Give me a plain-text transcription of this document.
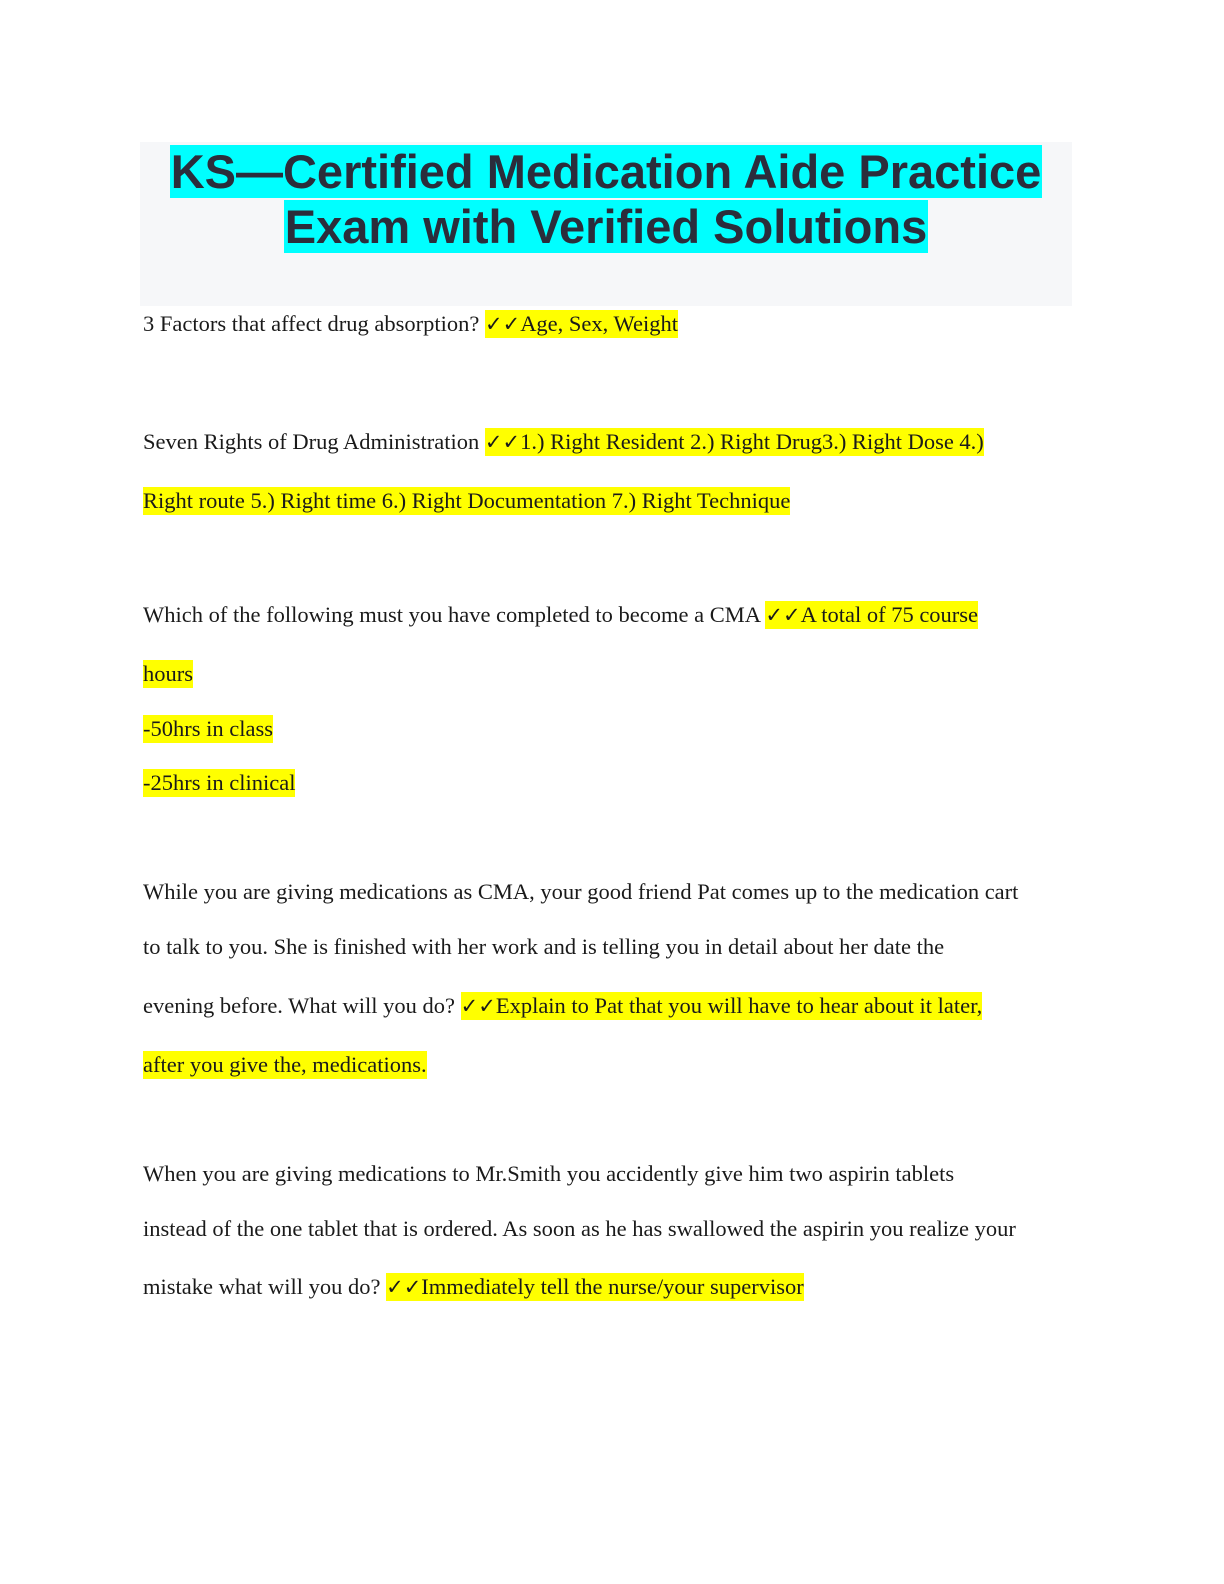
KS—Certified Medication Aide Practice Exam with Verified Solutions
3 Factors that affect drug absorption? ✓✓Age, Sex, Weight
Seven Rights of Drug Administration ✓✓1.) Right Resident 2.) Right Drug3.) Right Dose 4.)
Right route 5.) Right time 6.) Right Documentation 7.) Right Technique
Which of the following must you have completed to become a CMA ✓✓A total of 75 course
hours
-50hrs in class
-25hrs in clinical
While you are giving medications as CMA, your good friend Pat comes up to the medication cart
to talk to you. She is finished with her work and is telling you in detail about her date the
evening before. What will you do? ✓✓Explain to Pat that you will have to hear about it later,
after you give the, medications.
When you are giving medications to Mr.Smith you accidently give him two aspirin tablets
instead of the one tablet that is ordered. As soon as he has swallowed the aspirin you realize your
mistake what will you do? ✓✓Immediately tell the nurse/your supervisor
